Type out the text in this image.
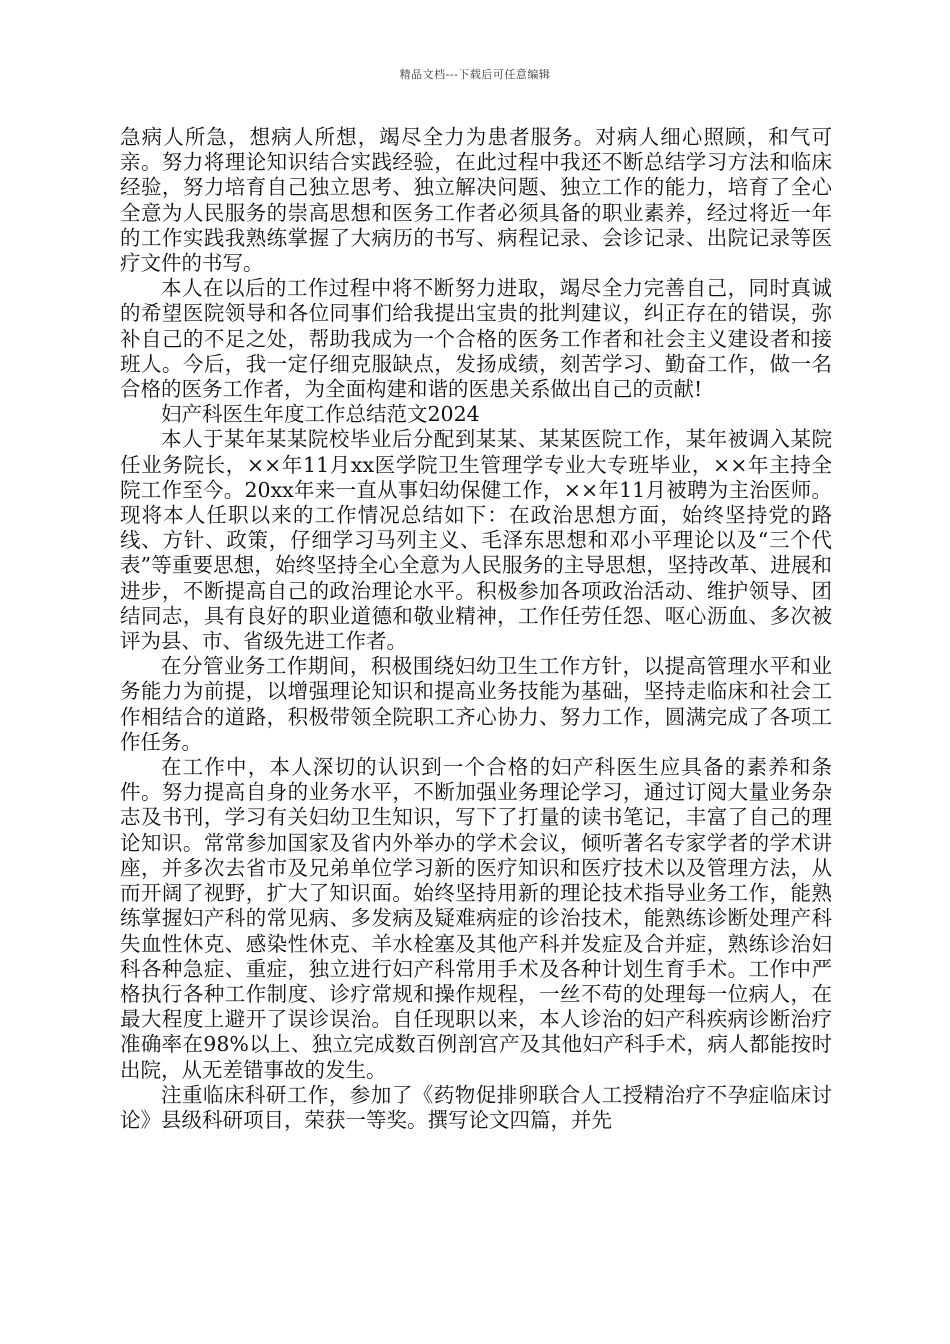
精品文档---下载后可任意编辑

急病人所急，想病人所想，竭尽全力为患者服务。对病人细心照顾，和气可亲。努力将理论知识结合实践经验，在此过程中我还不断总结学习方法和临床经验，努力培育自己独立思考、独立解决问题、独立工作的能力，培育了全心全意为人民服务的崇高思想和医务工作者必须具备的职业素养，经过将近一年的工作实践我熟练掌握了大病历的书写、病程记录、会诊记录、出院记录等医疗文件的书写。

本人在以后的工作过程中将不断努力进取，竭尽全力完善自己，同时真诚的希望医院领导和各位同事们给我提出宝贵的批判建议，纠正存在的错误，弥补自己的不足之处，帮助我成为一个合格的医务工作者和社会主义建设者和接班人。今后，我一定仔细克服缺点，发扬成绩，刻苦学习、勤奋工作，做一名合格的医务工作者，为全面构建和谐的医患关系做出自己的贡献!

妇产科医生年度工作总结范文2024

本人于某年某某院校毕业后分配到某某、某某医院工作，某年被调入某院任业务院长，××年11月xx医学院卫生管理学专业大专班毕业，××年主持全院工作至今。20xx年来一直从事妇幼保健工作，××年11月被聘为主治医师。现将本人任职以来的工作情况总结如下：在政治思想方面，始终坚持党的路线、方针、政策，仔细学习马列主义、毛泽东思想和邓小平理论以及“三个代表”等重要思想，始终坚持全心全意为人民服务的主导思想，坚持改革、进展和进步，不断提高自己的政治理论水平。积极参加各项政治活动、维护领导、团结同志，具有良好的职业道德和敬业精神，工作任劳任怨、呕心沥血、多次被评为县、市、省级先进工作者。

在分管业务工作期间，积极围绕妇幼卫生工作方针，以提高管理水平和业务能力为前提，以增强理论知识和提高业务技能为基础，坚持走临床和社会工作相结合的道路，积极带领全院职工齐心协力、努力工作，圆满完成了各项工作任务。

在工作中，本人深切的认识到一个合格的妇产科医生应具备的素养和条件。努力提高自身的业务水平，不断加强业务理论学习，通过订阅大量业务杂志及书刊，学习有关妇幼卫生知识，写下了打量的读书笔记，丰富了自己的理论知识。常常参加国家及省内外举办的学术会议，倾听著名专家学者的学术讲座，并多次去省市及兄弟单位学习新的医疗知识和医疗技术以及管理方法，从而开阔了视野，扩大了知识面。始终坚持用新的理论技术指导业务工作，能熟练掌握妇产科的常见病、多发病及疑难病症的诊治技术，能熟练诊断处理产科失血性休克、感染性休克、羊水栓塞及其他产科并发症及合并症，熟练诊治妇科各种急症、重症，独立进行妇产科常用手术及各种计划生育手术。工作中严格执行各种工作制度、诊疗常规和操作规程，一丝不苟的处理每一位病人，在最大程度上避开了误诊误治。自任现职以来，本人诊治的妇产科疾病诊断治疗准确率在98%以上、独立完成数百例剖宫产及其他妇产科手术，病人都能按时出院，从无差错事故的发生。

注重临床科研工作，参加了《药物促排卵联合人工授精治疗不孕症临床讨论》县级科研项目，荣获一等奖。撰写论文四篇，并先
